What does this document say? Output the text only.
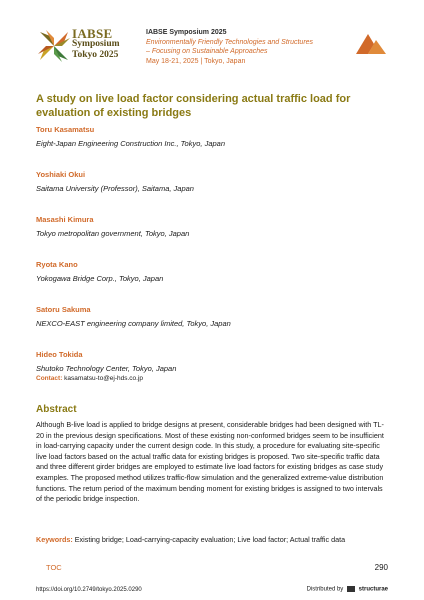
IABSE
Symposium
Tokyo 2025
IABSE Symposium 2025
Environmentally Friendly Technologies and Structures
– Focusing on Sustainable Approaches
May 18-21, 2025 | Tokyo, Japan
A study on live load factor considering actual traffic load for evaluation of existing bridges
Toru Kasamatsu
Eight-Japan Engineering Construction Inc., Tokyo, Japan
Yoshiaki Okui
Saitama University (Professor), Saitama, Japan
Masashi Kimura
Tokyo metropolitan government, Tokyo, Japan
Ryota Kano
Yokogawa Bridge Corp., Tokyo, Japan
Satoru Sakuma
NEXCO-EAST engineering company limited, Tokyo, Japan
Hideo Tokida
Shutoko Technology Center, Tokyo, Japan
Contact: kasamatsu-to@ej-hds.co.jp
Abstract
Although B-live load is applied to bridge designs at present, considerable bridges had been designed with TL-20 in the previous design specifications. Most of these existing non-conformed bridges seem to be insufficient in load-carrying capacity under the current design code. In this study, a procedure for evaluating site-specific live load factors based on the actual traffic data for existing bridges is proposed. Two site-specific traffic data and three different girder bridges are employed to estimate live load factors for existing bridges as case study examples. The proposed method utilizes traffic-flow simulation and the generalized extreme-value distribution functions. The return period of the maximum bending moment for existing bridges is assigned to two intervals of the periodic bridge inspection.
Keywords: Existing bridge; Load-carrying-capacity evaluation; Live load factor; Actual traffic data
TOC	290
https://doi.org/10.2749/tokyo.2025.0290	Distributed by	structurae
